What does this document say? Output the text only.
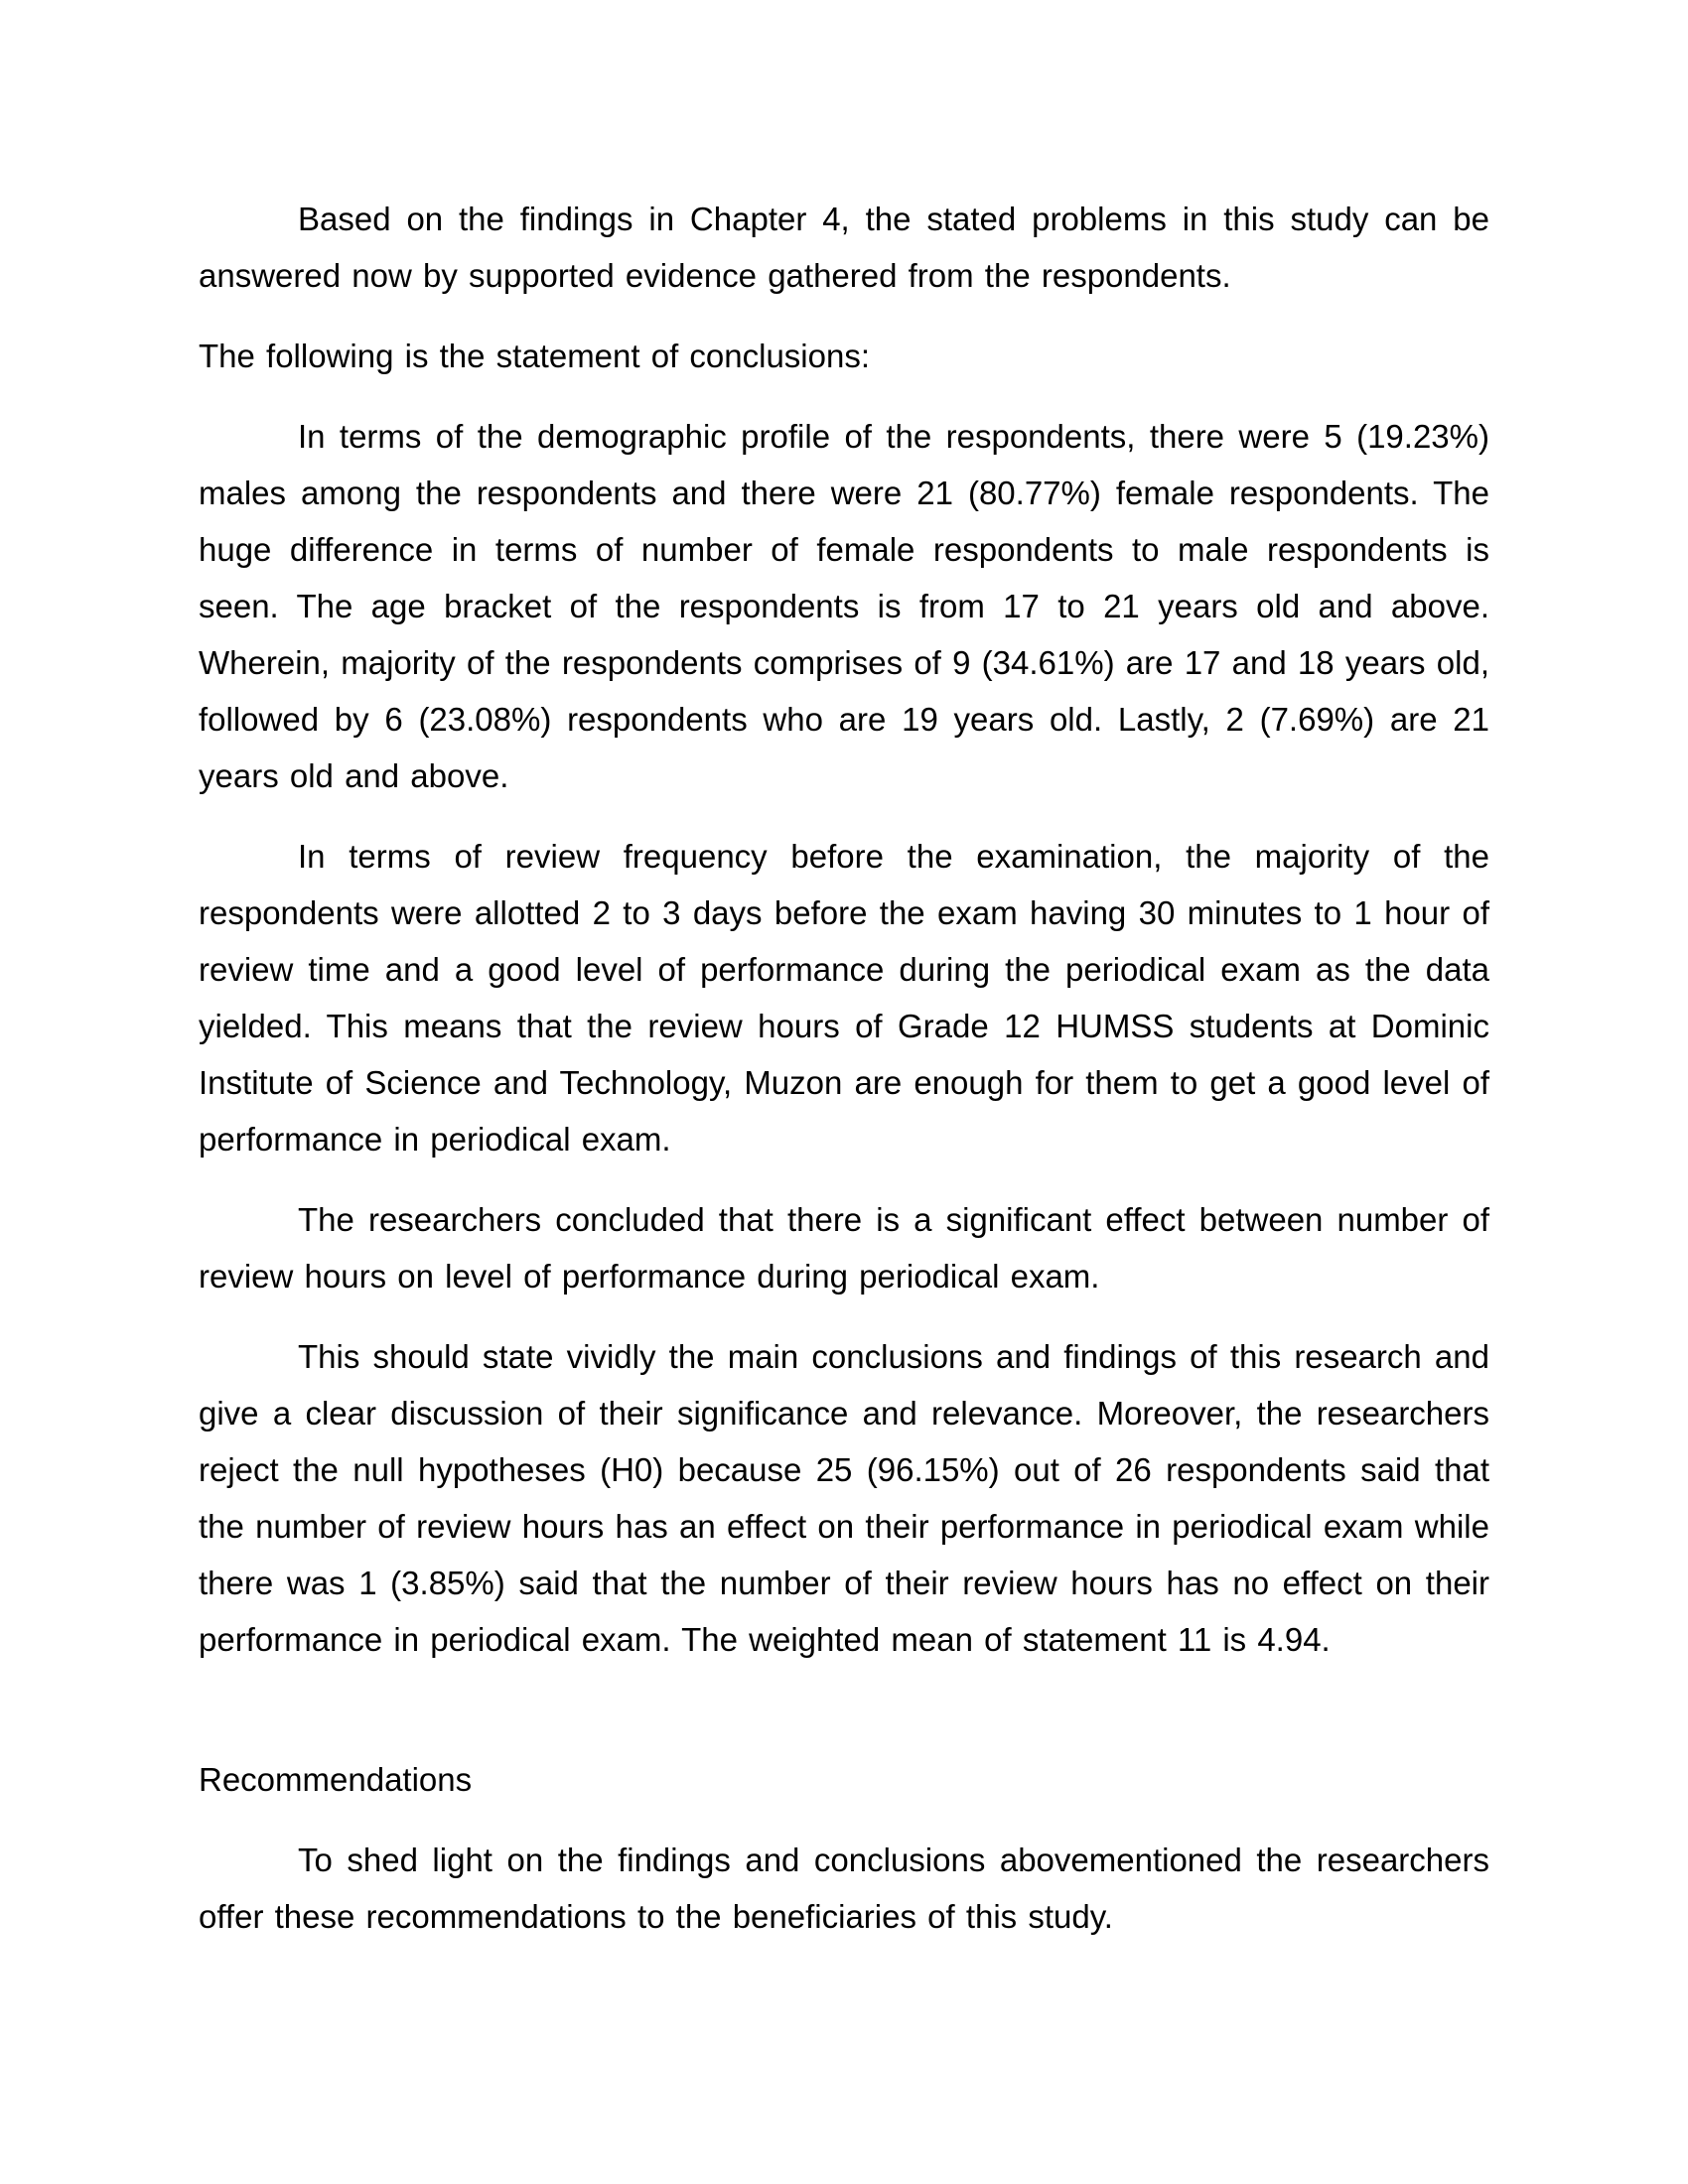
Based on the findings in Chapter 4, the stated problems in this study can be answered now by supported evidence gathered from the respondents.

The following is the statement of conclusions:

In terms of the demographic profile of the respondents, there were 5 (19.23%) males among the respondents and there were 21 (80.77%) female respondents. The huge difference in terms of number of female respondents to male respondents is seen. The age bracket of the respondents is from 17 to 21 years old and above. Wherein, majority of the respondents comprises of 9 (34.61%) are 17 and 18 years old, followed by 6 (23.08%) respondents who are 19 years old. Lastly, 2 (7.69%) are 21 years old and above.

In terms of review frequency before the examination, the majority of the respondents were allotted 2 to 3 days before the exam having 30 minutes to 1 hour of review time and a good level of performance during the periodical exam as the data yielded. This means that the review hours of Grade 12 HUMSS students at Dominic Institute of Science and Technology, Muzon are enough for them to get a good level of performance in periodical exam.

The researchers concluded that there is a significant effect between number of review hours on level of performance during periodical exam.

This should state vividly the main conclusions and findings of this research and give a clear discussion of their significance and relevance. Moreover, the researchers reject the null hypotheses (H0) because 25 (96.15%) out of 26 respondents said that the number of review hours has an effect on their performance in periodical exam while there was 1 (3.85%) said that the number of their review hours has no effect on their performance in periodical exam. The weighted mean of statement 11 is 4.94.

Recommendations

To shed light on the findings and conclusions abovementioned the researchers offer these recommendations to the beneficiaries of this study.
